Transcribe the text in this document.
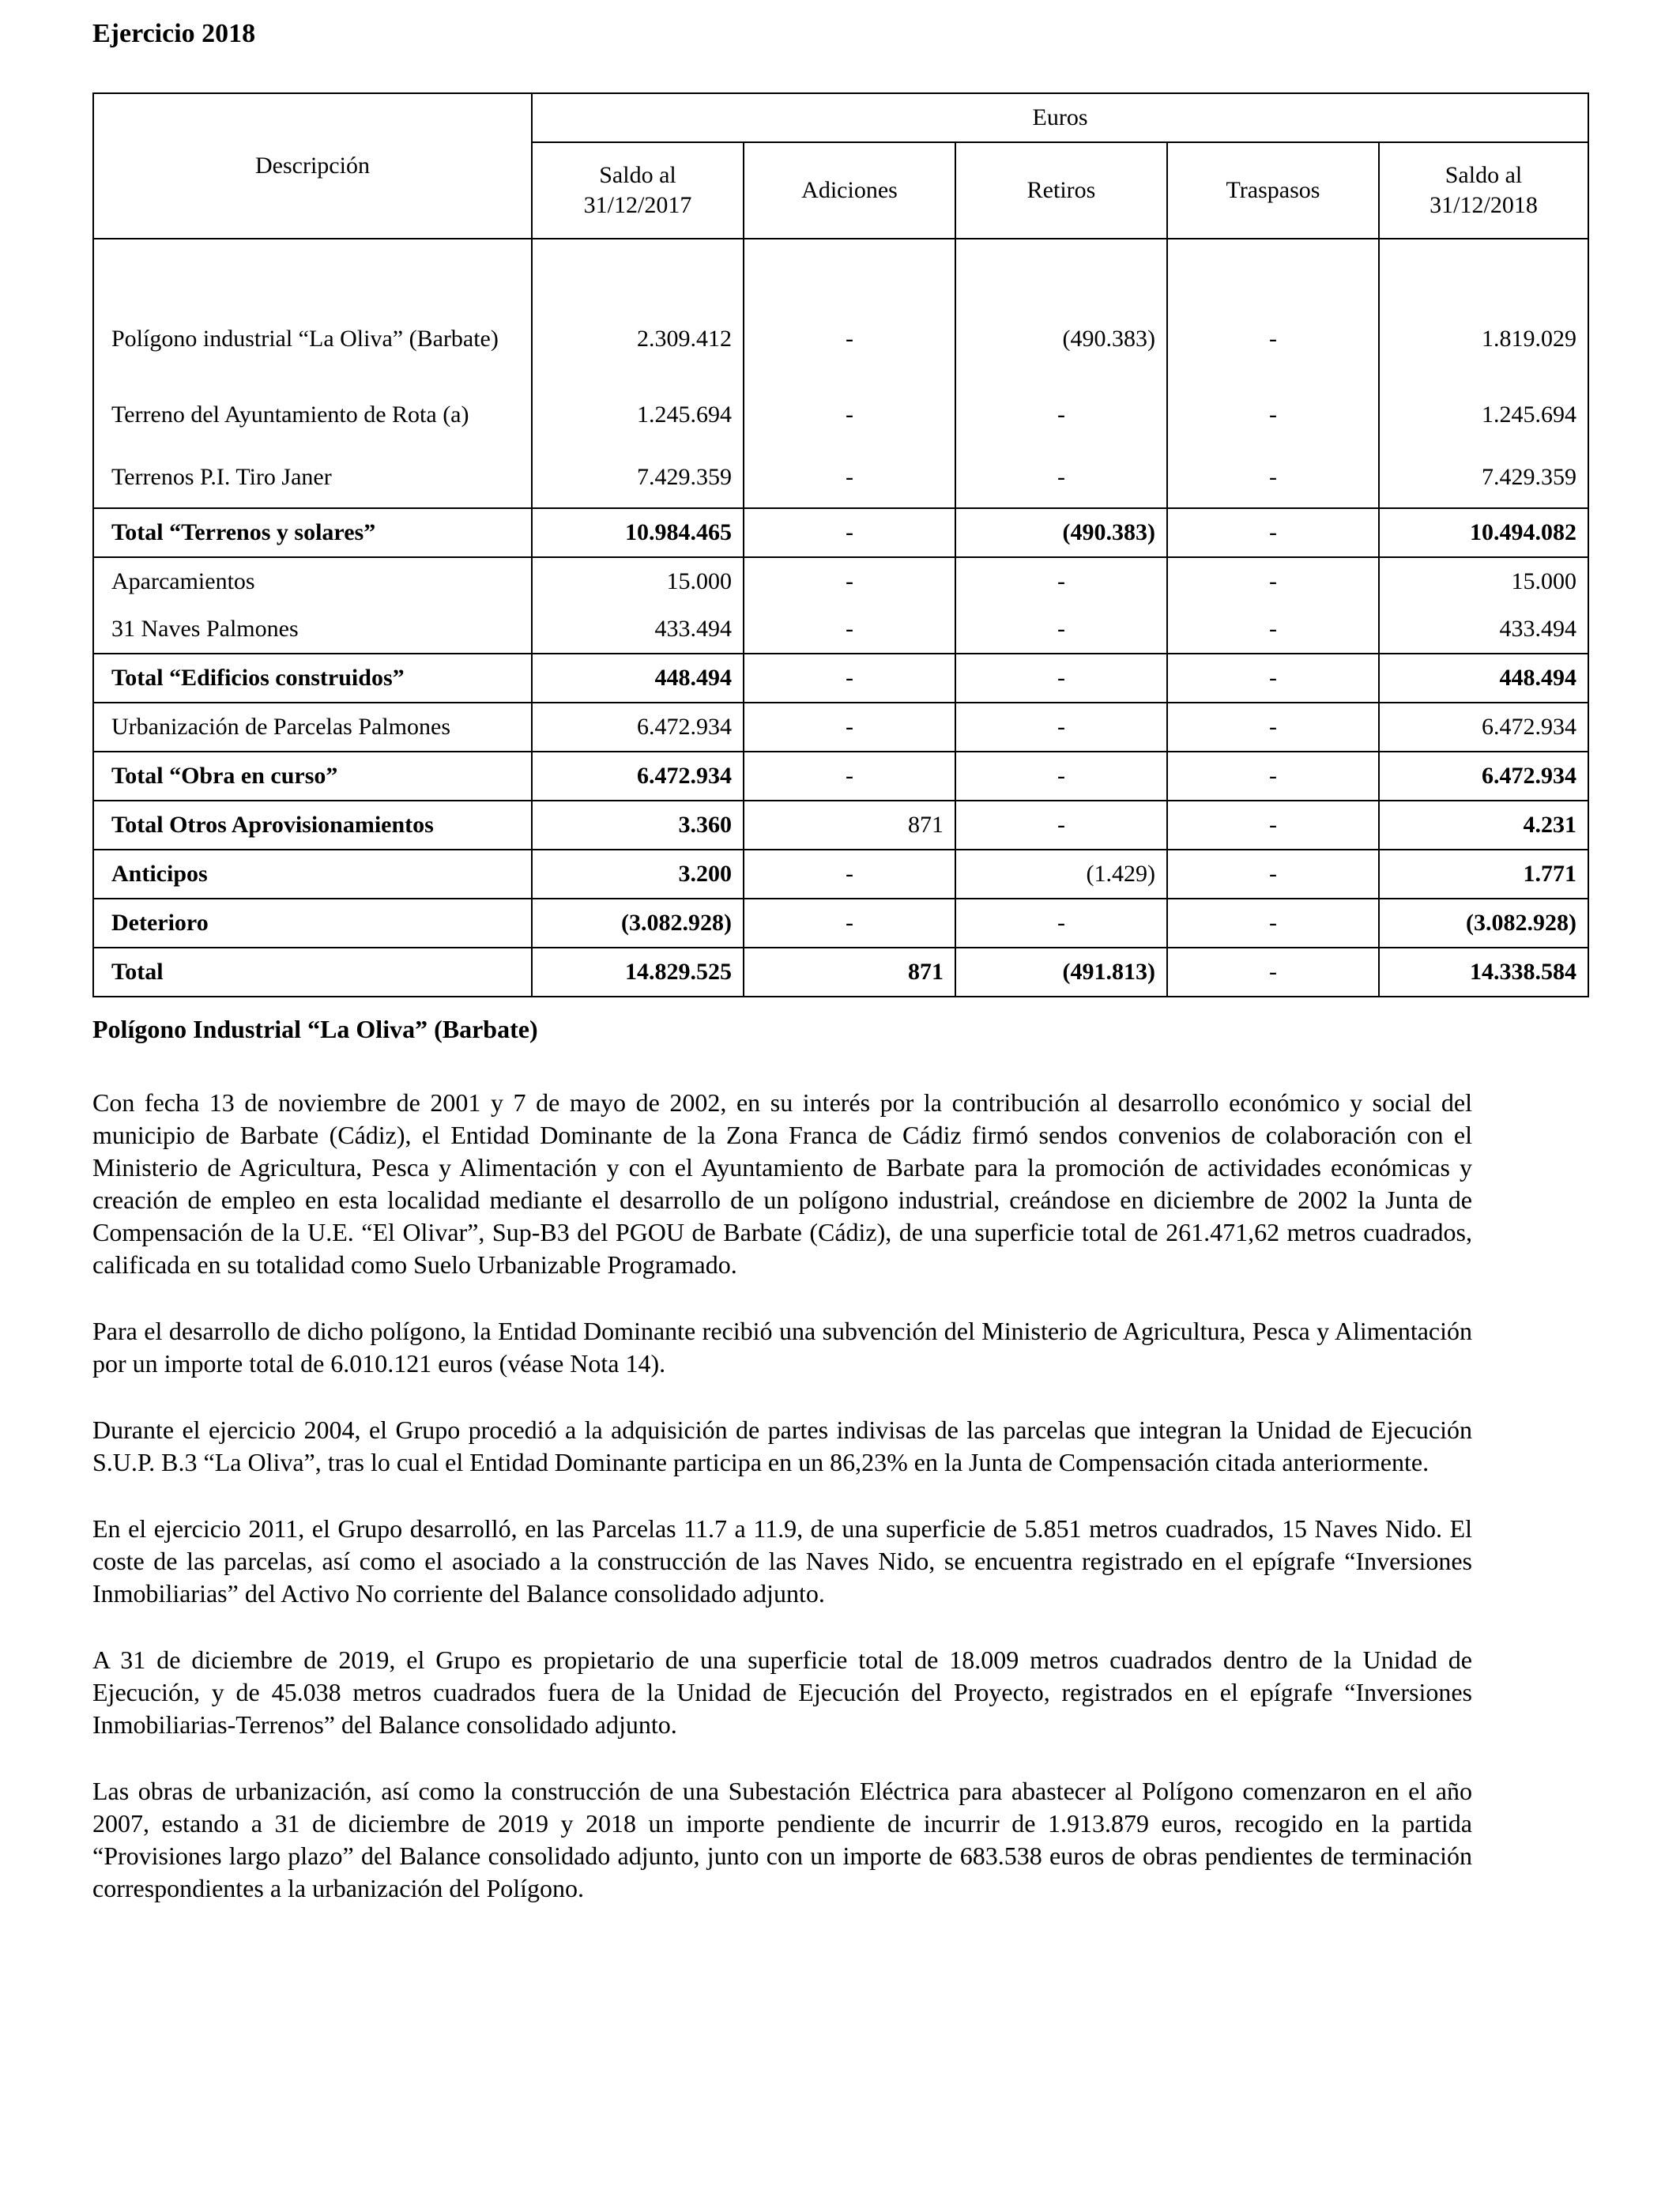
Ejercicio 2018
Descripción	Euros				
	Saldo al 31/12/2017	Adiciones	Retiros	Traspasos	Saldo al 31/12/2018

Polígono industrial “La Oliva” (Barbate)	2.309.412	-	(490.383)	-	1.819.029
Terreno del Ayuntamiento de Rota (a)	1.245.694	-	-	-	1.245.694
Terrenos P.I. Tiro Janer	7.429.359	-	-	-	7.429.359
Total “Terrenos y solares”	10.984.465	-	(490.383)	-	10.494.082
Aparcamientos	15.000	-	-	-	15.000
31 Naves Palmones	433.494	-	-	-	433.494
Total “Edificios construidos”	448.494	-	-	-	448.494
Urbanización de Parcelas Palmones	6.472.934	-	-	-	6.472.934
Total “Obra en curso”	6.472.934	-	-	-	6.472.934
Total Otros Aprovisionamientos	3.360	871	-	-	4.231
Anticipos	3.200	-	(1.429)	-	1.771
Deterioro	(3.082.928)	-	-	-	(3.082.928)
Total	14.829.525	871	(491.813)	-	14.338.584
Polígono Industrial “La Oliva” (Barbate)

Con fecha 13 de noviembre de 2001 y 7 de mayo de 2002, en su interés por la contribución al desarrollo económico y social del municipio de Barbate (Cádiz), el Entidad Dominante de la Zona Franca de Cádiz firmó sendos convenios de colaboración con el Ministerio de Agricultura, Pesca y Alimentación y con el Ayuntamiento de Barbate para la promoción de actividades económicas y creación de empleo en esta localidad mediante el desarrollo de un polígono industrial, creándose en diciembre de 2002 la Junta de Compensación de la U.E. “El Olivar”, Sup-B3 del PGOU de Barbate (Cádiz), de una superficie total de 261.471,62 metros cuadrados, calificada en su totalidad como Suelo Urbanizable Programado.

Para el desarrollo de dicho polígono, la Entidad Dominante recibió una subvención del Ministerio de Agricultura, Pesca y Alimentación por un importe total de 6.010.121 euros (véase Nota 14).

Durante el ejercicio 2004, el Grupo procedió a la adquisición de partes indivisas de las parcelas que integran la Unidad de Ejecución S.U.P. B.3 “La Oliva”, tras lo cual el Entidad Dominante participa en un 86,23% en la Junta de Compensación citada anteriormente.

En el ejercicio 2011, el Grupo desarrolló, en las Parcelas 11.7 a 11.9, de una superficie de 5.851 metros cuadrados, 15 Naves Nido. El coste de las parcelas, así como el asociado a la construcción de las Naves Nido, se encuentra registrado en el epígrafe “Inversiones Inmobiliarias” del Activo No corriente del Balance consolidado adjunto.

A 31 de diciembre de 2019, el Grupo es propietario de una superficie total de 18.009 metros cuadrados dentro de la Unidad de Ejecución, y de 45.038 metros cuadrados fuera de la Unidad de Ejecución del Proyecto, registrados en el epígrafe “Inversiones Inmobiliarias-Terrenos” del Balance consolidado adjunto.

Las obras de urbanización, así como la construcción de una Subestación Eléctrica para abastecer al Polígono comenzaron en el año 2007, estando a 31 de diciembre de 2019 y 2018 un importe pendiente de incurrir de 1.913.879 euros, recogido en la partida “Provisiones largo plazo” del Balance consolidado adjunto, junto con un importe de 683.538 euros de obras pendientes de terminación correspondientes a la urbanización del Polígono.
